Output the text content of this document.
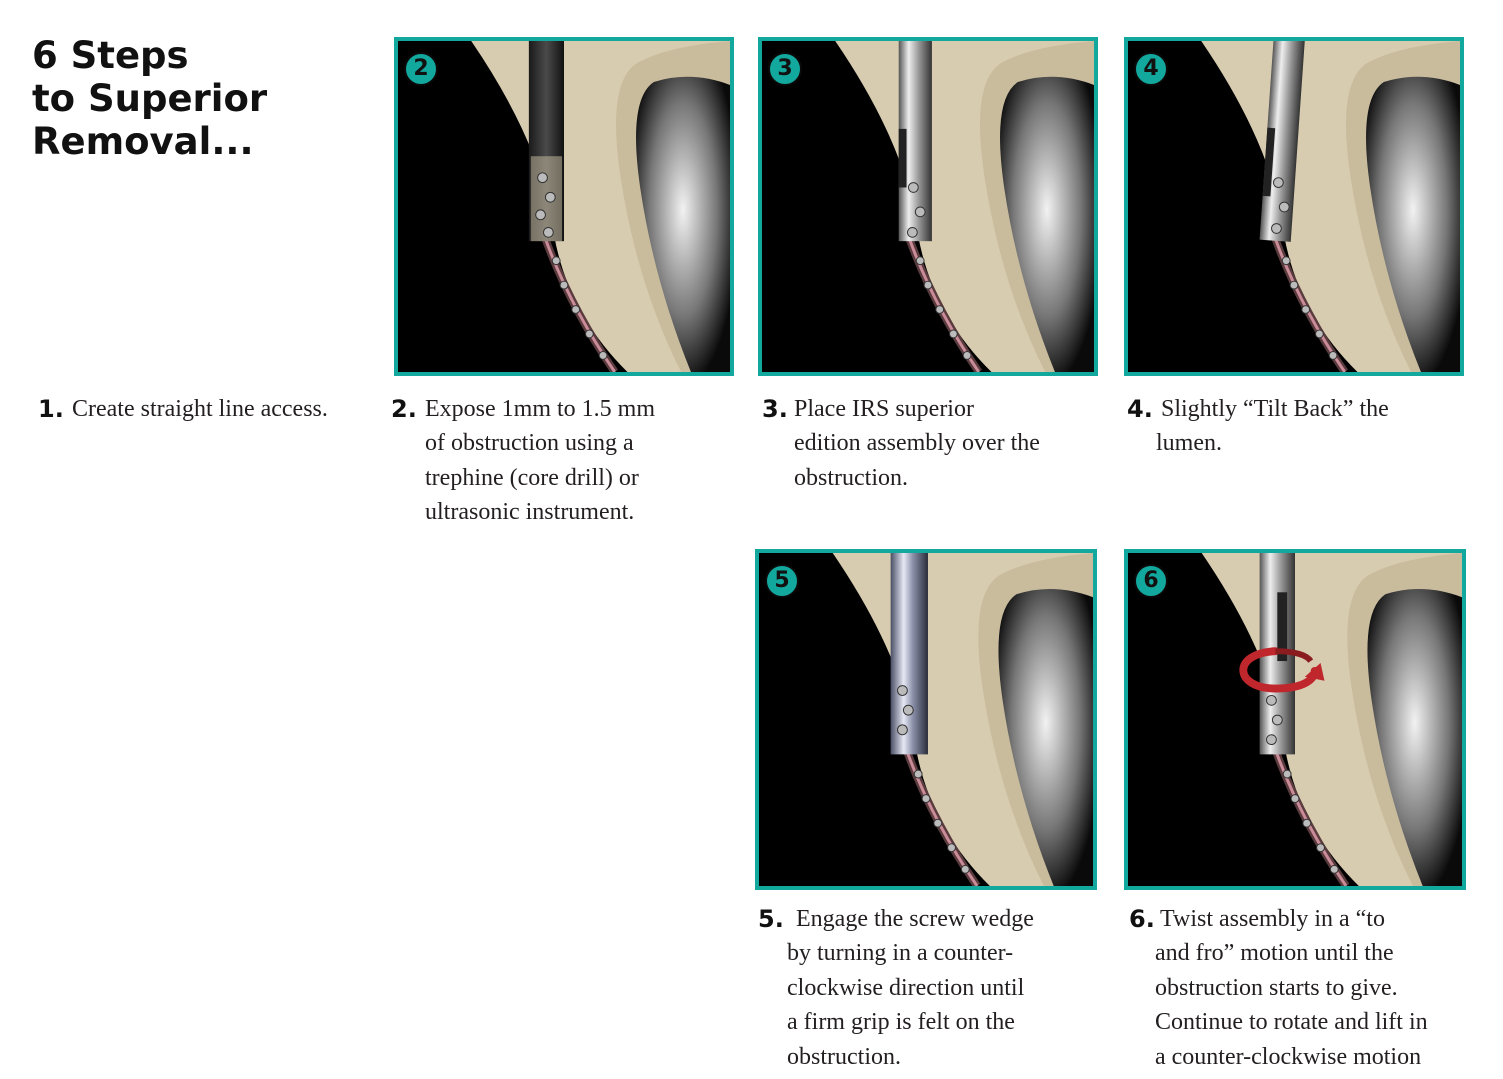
6 Steps
to Superior
Removal...
2	3	4
5	6
1. Create straight line access.	2. Expose 1mm to 1.5 mm
of obstruction using a
trephine (core drill) or
ultrasonic instrument.
3. Place IRS superior
edition assembly over the
obstruction.
4. Slightly “Tilt Back” the
lumen.
5. Engage the screw wedge
by turning in a counter-
clockwise direction until
a firm grip is felt on the
obstruction.
6. Twist assembly in a “to
and fro” motion until the
obstruction starts to give.
Continue to rotate and lift in
a counter-clockwise motion
